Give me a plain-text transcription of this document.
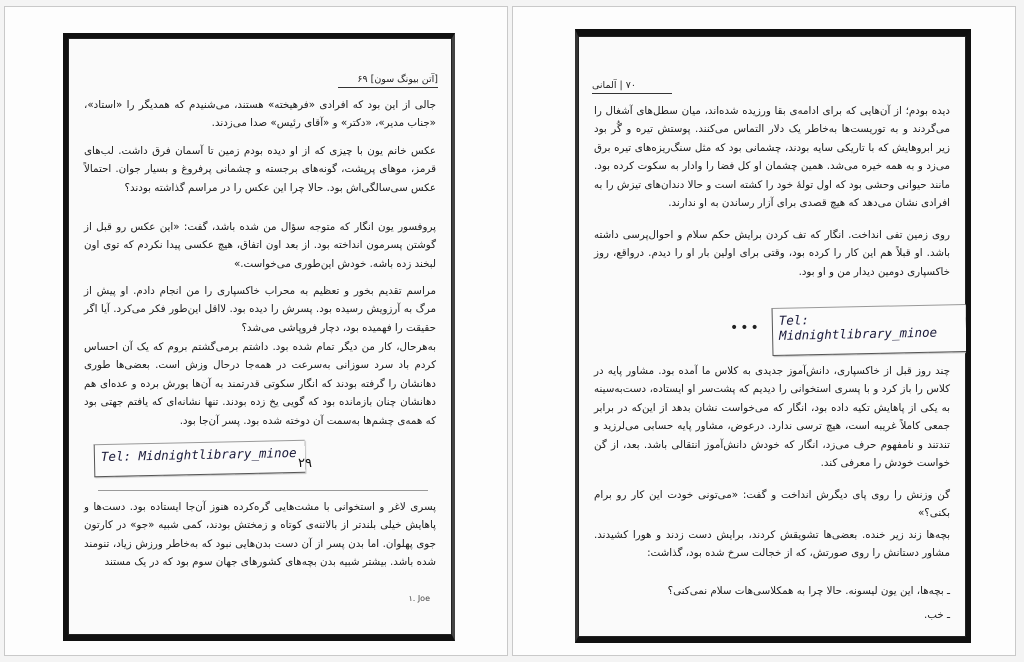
[آتن بیونگ سون] ۶۹

جالی از این بود که افرادی «فرهیخته» هستند، می‌شنیدم که همدیگر را «استاد»، «جناب مدیر»، «دکتر» و «آقای رئیس» صدا می‌زدند.

عکس خانم یون با چیزی که از او دیده بودم زمین تا آسمان فرق داشت. لب‌های قرمز، موهای پرپشت، گونه‌های برجسته و چشمانی پرفروغ و بسیار جوان. احتمالاً عکس سی‌سالگی‌اش بود. حالا چرا این عکس را در مراسم گذاشته بودند؟

پروفسور یون انگار که متوجه سؤال من شده باشد، گفت: «این عکس رو قبل از گوشتن پسرمون انداخته بود. از بعد اون اتفاق، هیچ عکسی پیدا نکردم که توی اون لبخند زده باشه. خودش این‌طوری می‌خواست.»

مراسم تقدیم بخور و تعظیم به محراب خاکسپاری را من انجام دادم. او پیش از مرگ به آرزویش رسیده بود. پسرش را دیده بود. لااقل این‌طور فکر می‌کرد. آیا اگر حقیقت را فهمیده بود، دچار فروپاشی می‌شد؟

به‌هرحال، کار من دیگر تمام شده بود. داشتم برمی‌گشتم بروم که یک آن احساس کردم باد سرد سوزانی به‌سرعت در همه‌جا درحال وزش است. بعضی‌ها طوری دهانشان را گرفته بودند که انگار سکوتی قدرتمند به آن‌ها یورش برده و عده‌ای هم دهانشان چنان بازمانده بود که گویی یخ زده بودند. تنها نشانه‌ای که یافتم جهتی بود که همه‌ی چشم‌ها به‌سمت آن دوخته شده بود. پسر آن‌جا بود.

Tel: Midnightlibrary_minoe ۲۹

پسری لاغر و استخوانی با مشت‌هایی گره‌کرده هنوز آن‌جا ایستاده بود. دست‌ها و پاهایش خیلی بلندتر از بالاتنه‌ی کوتاه و زمختش بودند، کمی شبیه «جو» در کارتون جوی پهلوان. اما بدن پسر از آن دست بدن‌هایی نبود که به‌خاطر ورزش زیاد، تنومند شده باشد. بیشتر شبیه بدن بچه‌های کشورهای جهان سوم بود که در یک مستند

۱. Joe
۷۰ | آلمانی

دیده بودم؛ از آن‌هایی که برای ادامه‌ی بقا ورزیده شده‌اند، میان سطل‌های آشغال را می‌گردند و به توریست‌ها به‌خاطر یک دلار التماس می‌کنند. پوستش تیره و گُر بود زیر ابروهایش که با تاریکی سایه بودند، چشمانی بود که مثل سنگ‌ریزه‌های تیره برق می‌زد و به همه خیره می‌شد. همین چشمان او کل فضا را وادار به سکوت کرده بود. مانند حیوانی وحشی بود که اول تولهٔ خود را کشته است و حالا دندان‌های تیزش را به افرادی نشان می‌دهد که هیچ قصدی برای آزار رساندن به او ندارند.

روی زمین تفی انداخت. انگار که تف کردن برایش حکم سلام و احوال‌پرسی داشته باشد. او قبلاً هم این کار را کرده بود، وقتی برای اولین بار او را دیدم. درواقع، روز خاکسپاری دومین دیدار من و او بود.

•••	Tel: Midnightlibrary_minoe

چند روز قبل از خاکسپاری، دانش‌آموز جدیدی به کلاس ما آمده بود. مشاور پایه در کلاس را باز کرد و با پسری استخوانی را دیدیم که پشت‌سر او ایستاده، دست‌به‌سینه به یکی از پاهایش تکیه داده بود، انگار که می‌خواست نشان بدهد از این‌که در برابر جمعی کاملاً غریبه است، هیچ ترسی ندارد. درعوض، مشاور پایه حسابی می‌لرزید و تندتند و نامفهوم حرف می‌زد، انگار که خودش دانش‌آموز انتقالی باشد. بعد، از گن خواست خودش را معرفی کند.

گن وزنش را روی پای دیگرش انداخت و گفت: «می‌تونی خودت این کار رو برام بکنی؟»

بچه‌ها زند زیر خنده. بعضی‌ها تشویقش کردند، برایش دست زدند و هورا کشیدند. مشاور دستانش را روی صورتش، که از خجالت سرخ شده بود، گذاشت:

ـ بچه‌ها، این یون لیسونه. حالا چرا به همکلاسی‌هات سلام نمی‌کنی؟

ـ خب.
